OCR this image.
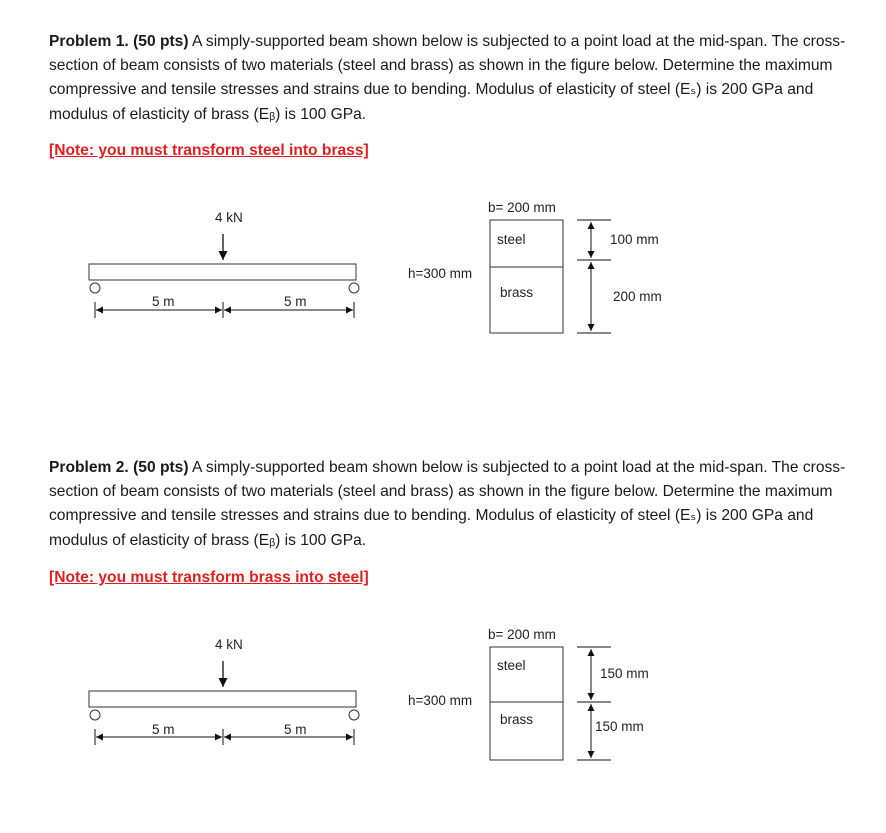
Problem 1. (50 pts) A simply-supported beam shown below is subjected to a point load at the mid-span. The cross-section of beam consists of two materials (steel and brass) as shown in the figure below. Determine the maximum compressive and tensile stresses and strains due to bending. Modulus of elasticity of steel (Eₛ) is 200 GPa and modulus of elasticity of brass (Eᵦ) is 100 GPa.

[Note: you must transform steel into brass]
4 kN
5 m	5 m
b= 200 mm
h=300 mm
steel
brass
100 mm
200 mm

Problem 2. (50 pts) A simply-supported beam shown below is subjected to a point load at the mid-span. The cross-section of beam consists of two materials (steel and brass) as shown in the figure below. Determine the maximum compressive and tensile stresses and strains due to bending. Modulus of elasticity of steel (Eₛ) is 200 GPa and modulus of elasticity of brass (Eᵦ) is 100 GPa.

[Note: you must transform brass into steel]
4 kN
5 m	5 m
b= 200 mm
h=300 mm
steel
brass
150 mm
150 mm
